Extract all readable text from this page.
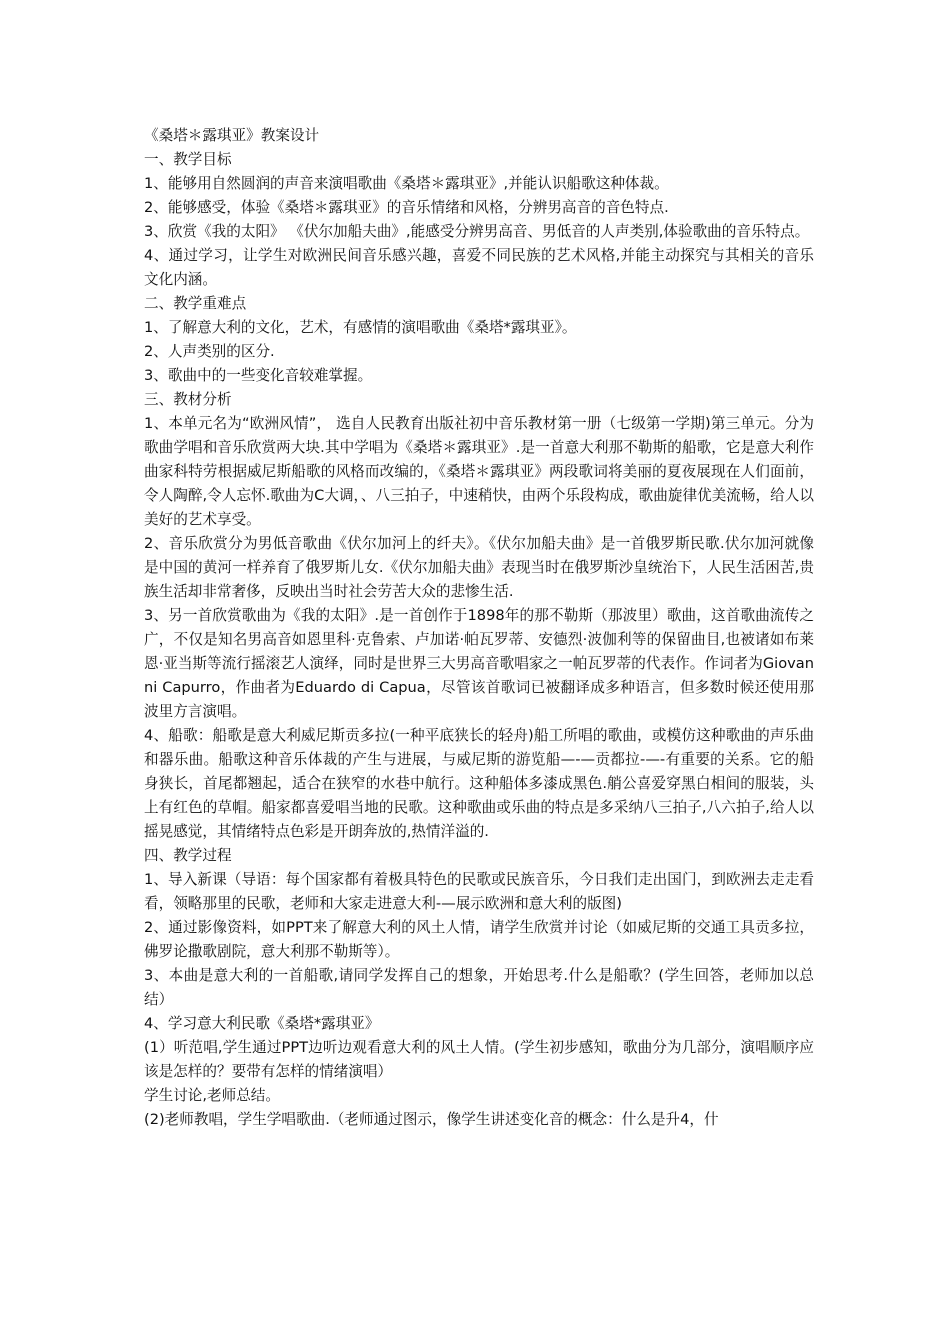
《桑塔＊露琪亚》教案设计

一、教学目标

1、能够用自然圆润的声音来演唱歌曲《桑塔＊露琪亚》,并能认识船歌这种体裁。

2、能够感受，体验《桑塔＊露琪亚》的音乐情绪和风格，分辨男高音的音色特点.

3、欣赏《我的太阳》 《伏尔加船夫曲》,能感受分辨男高音、男低音的人声类别,体验歌曲的音乐特点。

4、通过学习，让学生对欧洲民间音乐感兴趣，喜爱不同民族的艺术风格,并能主动探究与其相关的音乐文化内涵。

二、教学重难点

1、了解意大利的文化，艺术，有感情的演唱歌曲《桑塔*露琪亚》。

2、人声类别的区分.

3、歌曲中的一些变化音较难掌握。

三、教材分析

1、本单元名为“欧洲风情”， 选自人民教育出版社初中音乐教材第一册（七级第一学期)第三单元。分为歌曲学唱和音乐欣赏两大块.其中学唱为《桑塔＊露琪亚》.是一首意大利那不勒斯的船歌，它是意大利作曲家科特劳根据威尼斯船歌的风格而改编的，《桑塔＊露琪亚》两段歌词将美丽的夏夜展现在人们面前，令人陶醉,令人忘怀.歌曲为C大调，、八三拍子，中速稍快，由两个乐段构成，歌曲旋律优美流畅，给人以美好的艺术享受。

2、音乐欣赏分为男低音歌曲《伏尔加河上的纤夫》。《伏尔加船夫曲》是一首俄罗斯民歌.伏尔加河就像是中国的黄河一样养育了俄罗斯儿女.《伏尔加船夫曲》表现当时在俄罗斯沙皇统治下，人民生活困苦,贵族生活却非常奢侈，反映出当时社会劳苦大众的悲惨生活.

3、另一首欣赏歌曲为《我的太阳》.是一首创作于1898年的那不勒斯（那波里）歌曲，这首歌曲流传之广，不仅是知名男高音如恩里科·克鲁索、卢加诺·帕瓦罗蒂、安德烈·波伽利等的保留曲目,也被诸如布莱恩·亚当斯等流行摇滚艺人演绎，同时是世界三大男高音歌唱家之一帕瓦罗蒂的代表作。作词者为Giovanni Capurro，作曲者为Eduardo di Capua，尽管该首歌词已被翻译成多种语言，但多数时候还使用那波里方言演唱。

4、船歌：船歌是意大利威尼斯贡多拉(一种平底狭长的轻舟)船工所唱的歌曲，或模仿这种歌曲的声乐曲和器乐曲。船歌这种音乐体裁的产生与进展，与威尼斯的游览船—-—贡都拉-—-有重要的关系。它的船身狭长，首尾都翘起，适合在狭窄的水巷中航行。这种船体多漆成黑色.艄公喜爱穿黑白相间的服装，头上有红色的草帽。船家都喜爱唱当地的民歌。这种歌曲或乐曲的特点是多采纳八三拍子,八六拍子,给人以摇晃感觉，其情绪特点色彩是开朗奔放的,热情洋溢的.

四、教学过程

1、导入新课（导语：每个国家都有着极具特色的民歌或民族音乐，今日我们走出国门，到欧洲去走走看看，领略那里的民歌，老师和大家走进意大利-—展示欧洲和意大利的版图)

2、通过影像资料，如PPT来了解意大利的风土人情，请学生欣赏并讨论（如威尼斯的交通工具贡多拉，佛罗论撒歌剧院，意大利那不勒斯等）。

3、本曲是意大利的一首船歌,请同学发挥自己的想象，开始思考.什么是船歌？(学生回答，老师加以总结）

4、学习意大利民歌《桑塔*露琪亚》

(1）听范唱,学生通过PPT边听边观看意大利的风土人情。(学生初步感知，歌曲分为几部分，演唱顺序应该是怎样的？要带有怎样的情绪演唱）

学生讨论,老师总结。

(2)老师教唱，学生学唱歌曲.（老师通过图示，像学生讲述变化音的概念：什么是升4，什
